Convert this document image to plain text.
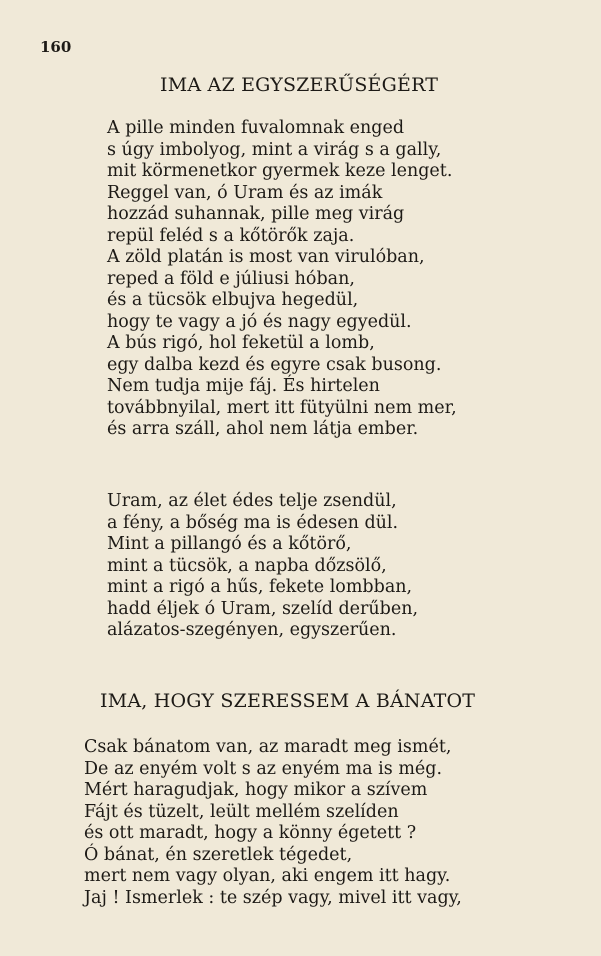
160
IMA AZ EGYSZERŰSÉGÉRT
A pille minden fuvalomnak enged
s úgy imbolyog, mint a virág s a gally,
mit körmenetkor gyermek keze lenget.
Reggel van, ó Uram és az imák
hozzád suhannak, pille meg virág
repül feléd s a kőtörők zaja.
A zöld platán is most van virulóban,
reped a föld e júliusi hóban,
és a tücsök elbujva hegedül,
hogy te vagy a jó és nagy egyedül.
A bús rigó, hol feketül a lomb,
egy dalba kezd és egyre csak busong.
Nem tudja mije fáj. És hirtelen
továbbnyilal, mert itt fütyülni nem mer,
és arra száll, ahol nem látja ember.
Uram, az élet édes telje zsendül,
a fény, a bőség ma is édesen dül.
Mint a pillangó és a kőtörő,
mint a tücsök, a napba dőzsölő,
mint a rigó a hűs, fekete lombban,
hadd éljek ó Uram, szelíd derűben,
alázatos-szegényen, egyszerűen.
IMA, HOGY SZERESSEM A BÁNATOT
Csak bánatom van, az maradt meg ismét,
De az enyém volt s az enyém ma is még.
Mért haragudjak, hogy mikor a szívem
Fájt és tüzelt, leült mellém szelíden
és ott maradt, hogy a könny égetett ?
Ó bánat, én szeretlek tégedet,
mert nem vagy olyan, aki engem itt hagy.
Jaj ! Ismerlek : te szép vagy, mivel itt vagy,
